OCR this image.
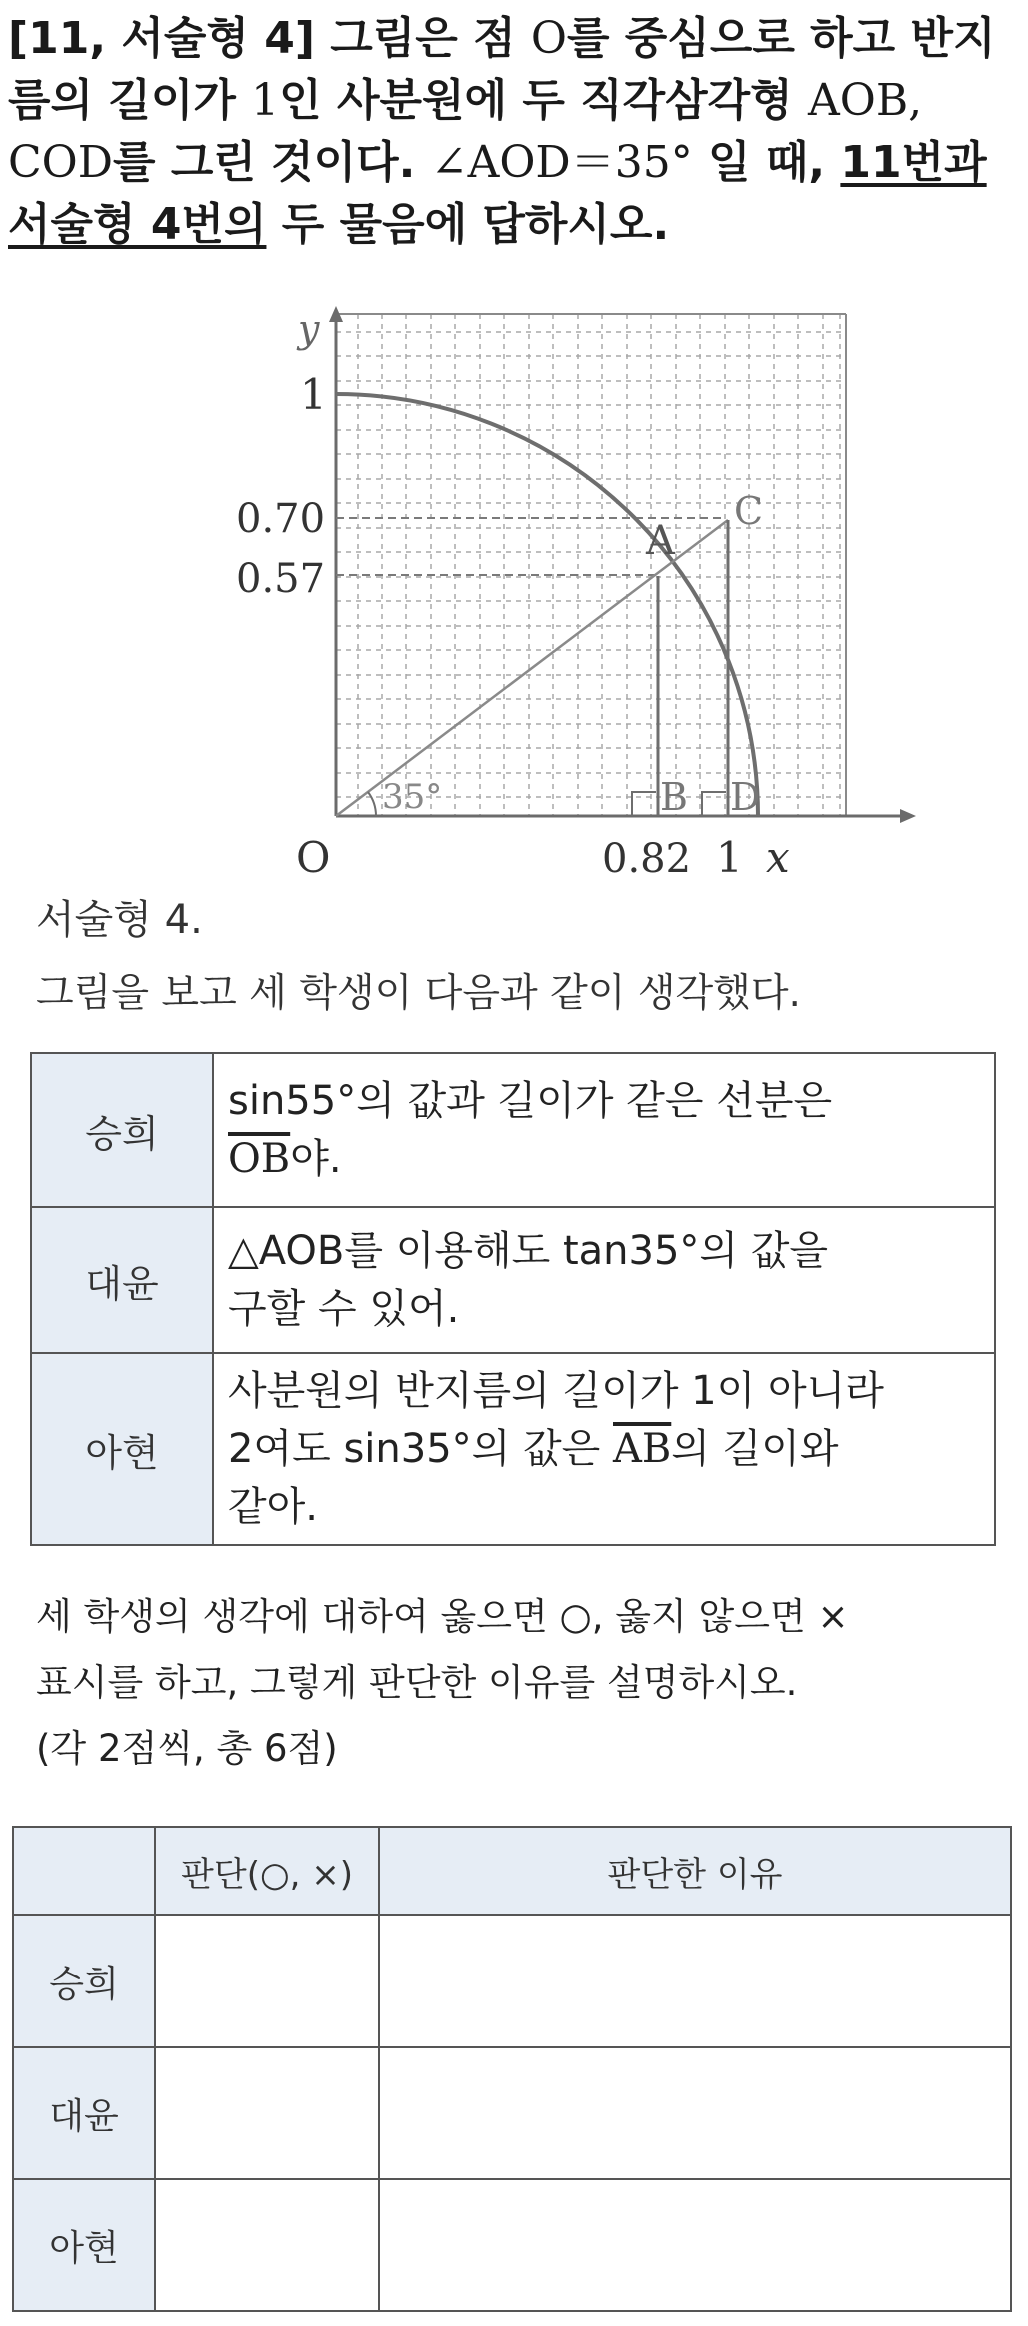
[11, 서술형 4] 그림은 점 O를 중심으로 하고 반지름의 길이가 1인 사분원에 두 직각삼각형 AOB, COD를 그린 것이다. ∠AOD＝35° 일 때, 11번과 서술형 4번의 두 물음에 답하시오.
y
x
O
1
0.70
0.57
0.82 1
A
B
C
D
35°
서술형 4.
그림을 보고 세 학생이 다음과 같이 생각했다.
승희	sin55°의 값과 길이가 같은 선분은
$\overline{OB}$야.

대윤	△AOB를 이용해도 tan35°의 값을
구할 수 있어.

아현	사분원의 반지름의 길이가 1이 아니라
2여도 sin35°의 값은 $\overline{AB}$의 길이와
같아.
세 학생의 생각에 대하여 옳으면 ○, 옳지 않으면 ×
표시를 하고, 그렇게 판단한 이유를 설명하시오.
(각 2점씩, 총 6점)
	판단(○, ×)	판단한 이유
승희		
대윤		
아현		
